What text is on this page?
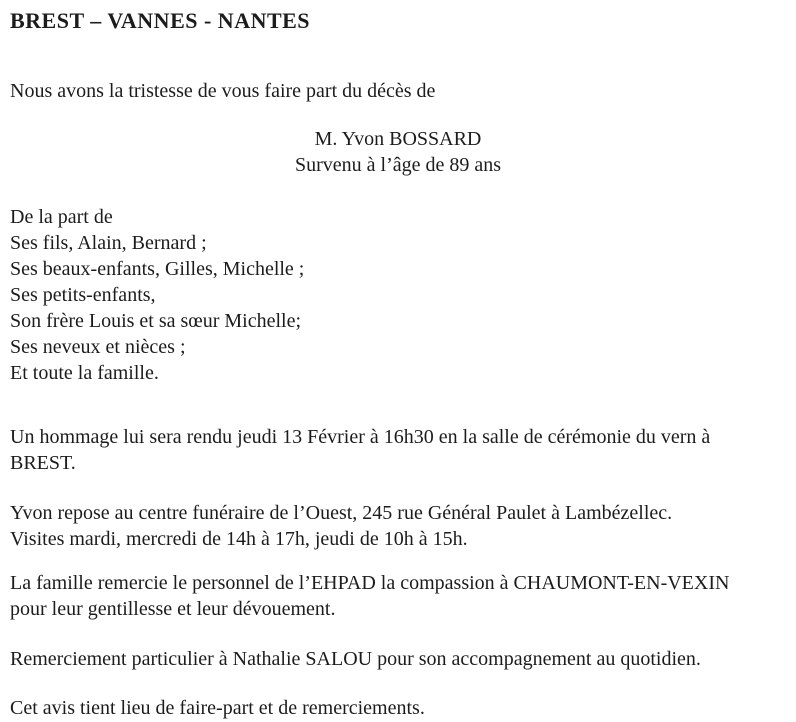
BREST – VANNES - NANTES

Nous avons la tristesse de vous faire part du décès de

M. Yvon BOSSARD
Survenu à l’âge de 89 ans
De la part de
Ses fils, Alain, Bernard ;
Ses beaux-enfants, Gilles, Michelle ;
Ses petits-enfants,
Son frère Louis et sa sœur Michelle;
Ses neveux et nièces ;
Et toute la famille.

Un hommage lui sera rendu jeudi 13 Février à 16h30 en la salle de cérémonie du vern à
BREST.

Yvon repose au centre funéraire de l’Ouest, 245 rue Général Paulet à Lambézellec.
Visites mardi, mercredi de 14h à 17h, jeudi de 10h à 15h.

La famille remercie le personnel de l’EHPAD la compassion à CHAUMONT-EN-VEXIN
pour leur gentillesse et leur dévouement.

Remerciement particulier à Nathalie SALOU pour son accompagnement au quotidien.

Cet avis tient lieu de faire-part et de remerciements.
